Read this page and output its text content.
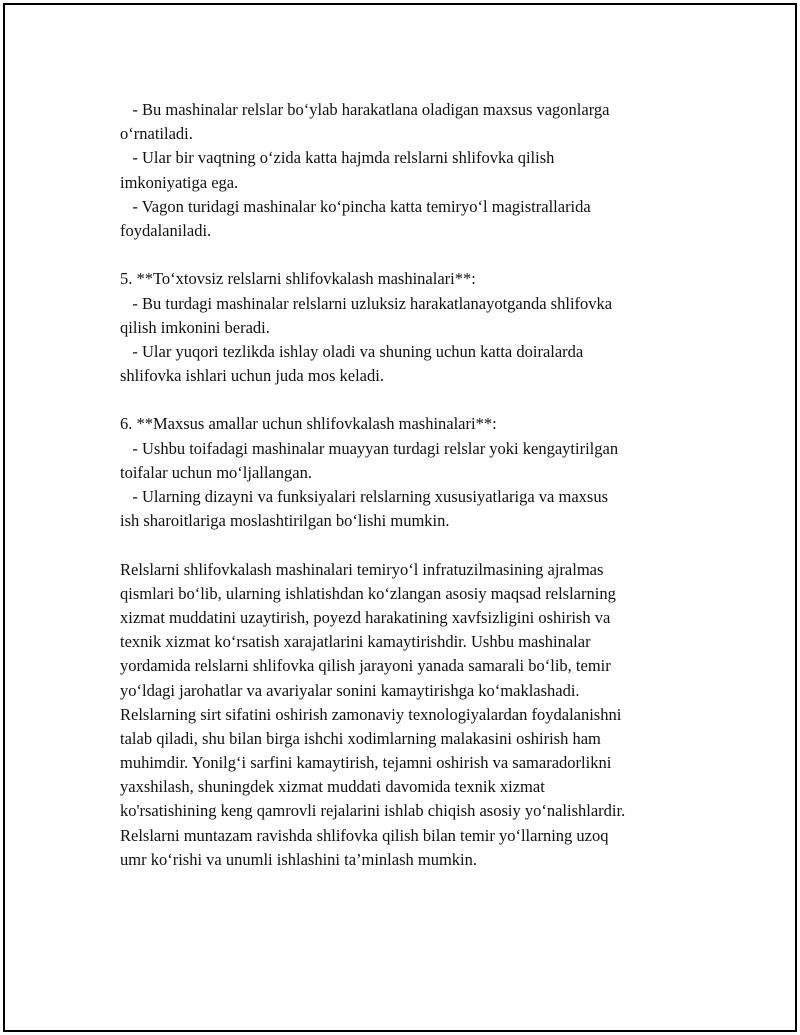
- Bu mashinalar relslar bo‘ylab harakatlana oladigan maxsus vagonlarga
o‘rnatiladi.
- Ular bir vaqtning o‘zida katta hajmda relslarni shlifovka qilish
imkoniyatiga ega.
- Vagon turidagi mashinalar ko‘pincha katta temiryo‘l magistrallarida
foydalaniladi.
5. **To‘xtovsiz relslarni shlifovkalash mashinalari**:
- Bu turdagi mashinalar relslarni uzluksiz harakatlanayotganda shlifovka
qilish imkonini beradi.
- Ular yuqori tezlikda ishlay oladi va shuning uchun katta doiralarda
shlifovka ishlari uchun juda mos keladi.
6. **Maxsus amallar uchun shlifovkalash mashinalari**:
- Ushbu toifadagi mashinalar muayyan turdagi relslar yoki kengaytirilgan
toifalar uchun mo‘ljallangan.
- Ularning dizayni va funksiyalari relslarning xususiyatlariga va maxsus
ish sharoitlariga moslashtirilgan bo‘lishi mumkin.
Relslarni shlifovkalash mashinalari temiryo‘l infratuzilmasining ajralmas
qismlari bo‘lib, ularning ishlatishdan ko‘zlangan asosiy maqsad relslarning
xizmat muddatini uzaytirish, poyezd harakatining xavfsizligini oshirish va
texnik xizmat ko‘rsatish xarajatlarini kamaytirishdir. Ushbu mashinalar
yordamida relslarni shlifovka qilish jarayoni yanada samarali bo‘lib, temir
yo‘ldagi jarohatlar va avariyalar sonini kamaytirishga ko‘maklashadi.
Relslarning sirt sifatini oshirish zamonaviy texnologiyalardan foydalanishni
talab qiladi, shu bilan birga ishchi xodimlarning malakasini oshirish ham
muhimdir. Yonilg‘i sarfini kamaytirish, tejamni oshirish va samaradorlikni
yaxshilash, shuningdek xizmat muddati davomida texnik xizmat
ko'rsatishining keng qamrovli rejalarini ishlab chiqish asosiy yo‘nalishlardir.
Relslarni muntazam ravishda shlifovka qilish bilan temir yo‘llarning uzoq
umr ko‘rishi va unumli ishlashini ta’minlash mumkin.
